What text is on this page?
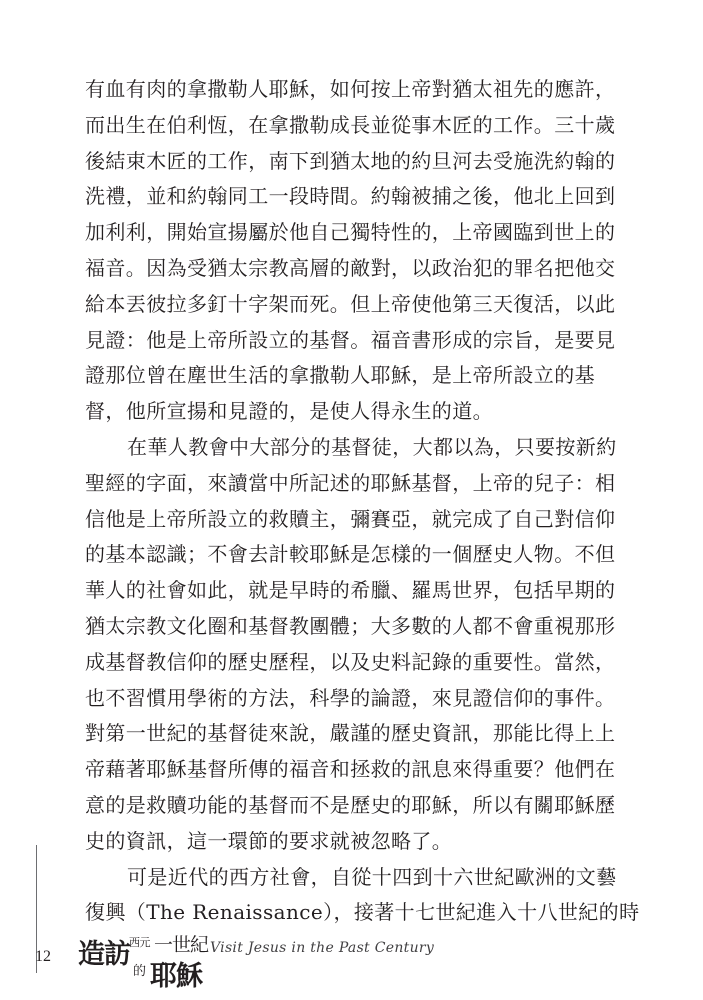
有血有肉的拿撒勒人耶穌，如何按上帝對猶太祖先的應許，

而出生在伯利恆，在拿撒勒成長並從事木匠的工作。三十歲

後結束木匠的工作，南下到猶太地的約旦河去受施洗約翰的

洗禮，並和約翰同工一段時間。約翰被捕之後，他北上回到

加利利，開始宣揚屬於他自己獨特性的，上帝國臨到世上的

福音。因為受猶太宗教高層的敵對，以政治犯的罪名把他交

給本丟彼拉多釘十字架而死。但上帝使他第三天復活，以此

見證：他是上帝所設立的基督。福音書形成的宗旨，是要見

證那位曾在塵世生活的拿撒勒人耶穌，是上帝所設立的基

督，他所宣揚和見證的，是使人得永生的道。

在華人教會中大部分的基督徒，大都以為，只要按新約

聖經的字面，來讀當中所記述的耶穌基督，上帝的兒子：相

信他是上帝所設立的救贖主，彌賽亞，就完成了自己對信仰

的基本認識；不會去計較耶穌是怎樣的一個歷史人物。不但

華人的社會如此，就是早時的希臘、羅馬世界，包括早期的

猶太宗教文化圈和基督教團體；大多數的人都不會重視那形

成基督教信仰的歷史歷程，以及史料記錄的重要性。當然，

也不習慣用學術的方法，科學的論證，來見證信仰的事件。

對第一世紀的基督徒來說，嚴謹的歷史資訊，那能比得上上

帝藉著耶穌基督所傳的福音和拯救的訊息來得重要？他們在

意的是救贖功能的基督而不是歷史的耶穌，所以有關耶穌歷

史的資訊，這一環節的要求就被忽略了。

可是近代的西方社會，自從十四到十六世紀歐洲的文藝

復興（The Renaissance），接著十七世紀進入十八世紀的時

12 造訪 西元 一世紀
的 耶穌
Visit Jesus in the Past Century
